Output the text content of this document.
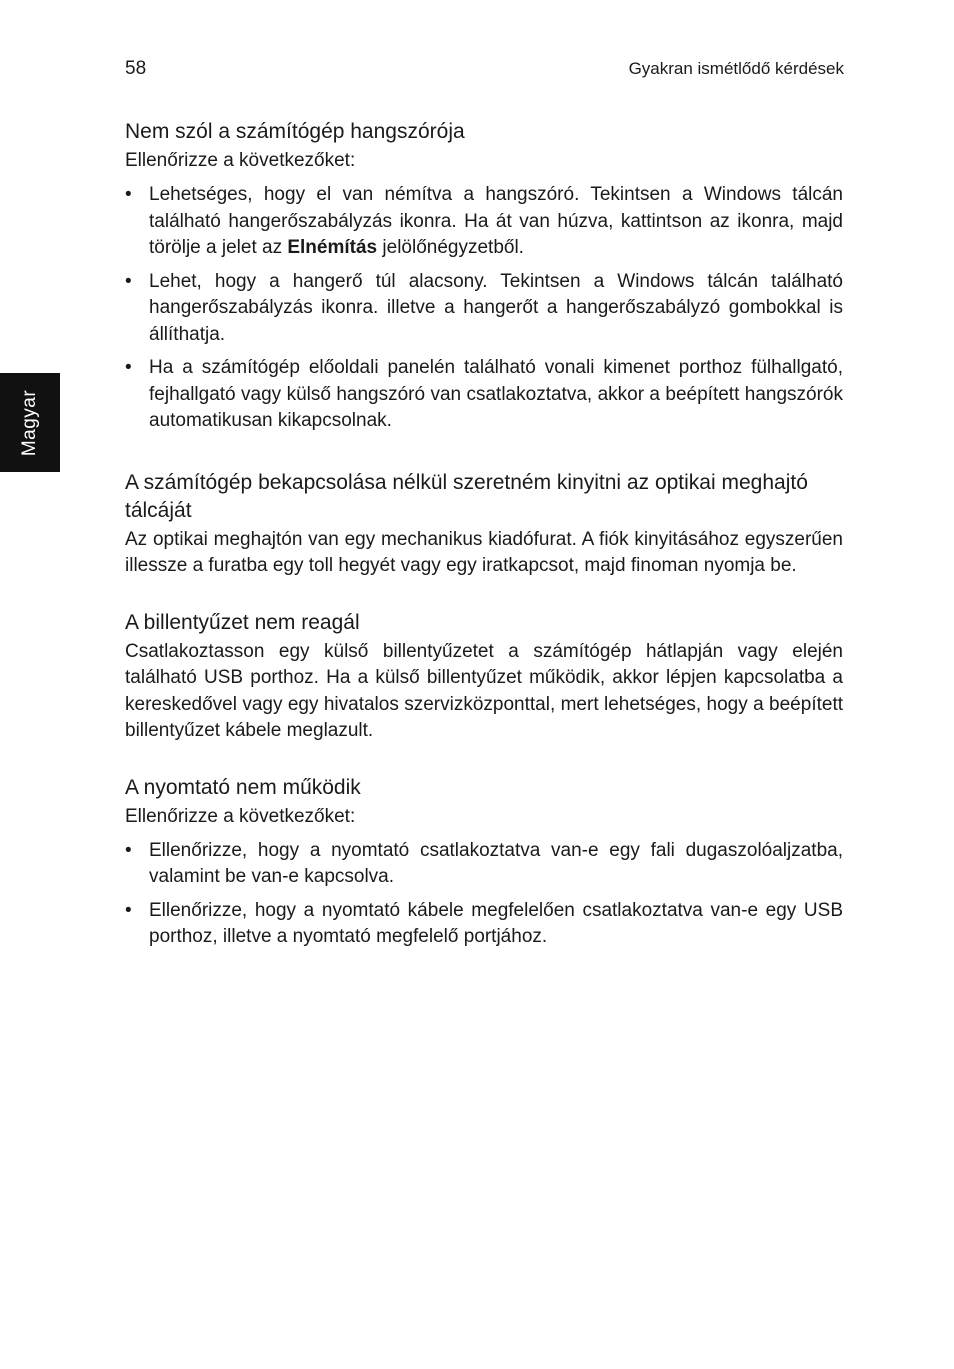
58	Gyakran ismétlődő kérdések
Magyar
Nem szól a számítógép hangszórója

Ellenőrizze a következőket:

• Lehetséges, hogy el van némítva a hangszóró. Tekintsen a Windows tálcán található hangerőszabályzás ikonra. Ha át van húzva, kattintson az ikonra, majd törölje a jelet az Elnémítás jelölőnégyzetből.
• Lehet, hogy a hangerő túl alacsony. Tekintsen a Windows tálcán található hangerőszabályzás ikonra. illetve a hangerőt a hangerőszabályzó gombokkal is állíthatja.
• Ha a számítógép előoldali panelén található vonali kimenet porthoz fülhallgató, fejhallgató vagy külső hangszóró van csatlakoztatva, akkor a beépített hangszórók automatikusan kikapcsolnak.
A számítógép bekapcsolása nélkül szeretném kinyitni az optikai meghajtó tálcáját

Az optikai meghajtón van egy mechanikus kiadófurat. A fiók kinyitásához egyszerűen illessze a furatba egy toll hegyét vagy egy iratkapcsot, majd finoman nyomja be.

A billentyűzet nem reagál

Csatlakoztasson egy külső billentyűzetet a számítógép hátlapján vagy elején található USB porthoz. Ha a külső billentyűzet működik, akkor lépjen kapcsolatba a kereskedővel vagy egy hivatalos szervizközponttal, mert lehetséges, hogy a beépített billentyűzet kábele meglazult.

A nyomtató nem működik

Ellenőrizze a következőket:

• Ellenőrizze, hogy a nyomtató csatlakoztatva van-e egy fali dugaszolóaljzatba, valamint be van-e kapcsolva.
• Ellenőrizze, hogy a nyomtató kábele megfelelően csatlakoztatva van-e egy USB porthoz, illetve a nyomtató megfelelő portjához.
